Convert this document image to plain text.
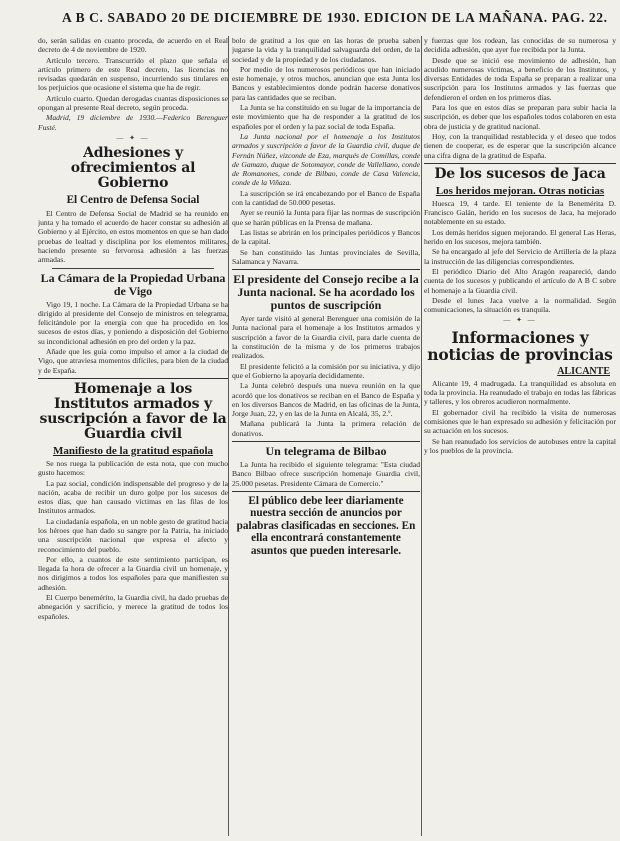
A B C. SABADO 20 DE DICIEMBRE DE 1930. EDICION DE LA MAÑANA. PAG. 22.

do, serán salidas en cuanto proceda, de acuerdo en el Real decreto de 4 de noviembre de 1920.

Artículo tercero. Transcurrido el plazo que señala el artículo primero de este Real decreto, las licencias no revisadas quedarán en suspenso, incurriendo sus titulares en los perjuicios que ocasione el sistema que ha de regir.

Artículo cuarto. Quedan derogadas cuantas disposiciones se opongan al presente Real decreto, según proceda.

Madrid, 19 diciembre de 1930.—Federico Berenguer Fusté.

— ✦ —
Adhesiones y ofrecimientos al Gobierno
El Centro de Defensa Social

El Centro de Defensa Social de Madrid se ha reunido en junta y ha tomado el acuerdo de hacer constar su adhesión al Gobierno y al Ejército, en estos momentos en que se han dado pruebas de lealtad y disciplina por los elementos militares, haciendo presente su fervorosa adhesión a las fuerzas armadas.

La Cámara de la Propiedad Urbana de Vigo

Vigo 19, 1 noche. La Cámara de la Propiedad Urbana se ha dirigido al presidente del Consejo de ministros en telegrama, felicitándole por la energía con que ha procedido en los sucesos de estos días, y poniendo a disposición del Gobierno su incondicional adhesión en pro del orden y la paz.

Añade que les guía como impulso el amor a la ciudad de Vigo, que atraviesa momentos difíciles, para bien de la ciudad y de España.

Homenaje a los Institutos armados y suscripción a favor de la Guardia civil
Manifiesto de la gratitud española

Se nos ruega la publicación de esta nota, que con mucho gusto hacemos:

La paz social, condición indispensable del progreso y de la nación, acaba de recibir un duro golpe por los sucesos de estos días, que han causado víctimas en las filas de los Institutos armados.

La ciudadanía española, en un noble gesto de gratitud hacia los héroes que han dado su sangre por la Patria, ha iniciado una suscripción nacional que expresa el afecto y reconocimiento del pueblo.

Por ello, a cuantos de este sentimiento participan, es llegada la hora de ofrecer a la Guardia civil un homenaje, y nos dirigimos a todos los españoles para que manifiesten su adhesión.

El Cuerpo benemérito, la Guardia civil, ha dado pruebas de abnegación y sacrificio, y merece la gratitud de todos los españoles.

bolo de gratitud a los que en las horas de prueba saben jugarse la vida y la tranquilidad salvaguarda del orden, de la sociedad y de la propiedad y de los ciudadanos.

Por medio de los numerosos periódicos que han iniciado este homenaje, y otros muchos, anuncian que esta Junta los Bancos y establecimientos donde podrán hacerse donativos para las cantidades que se reciban.

La Junta se ha constituido en su lugar de la importancia de este movimiento que ha de responder a la gratitud de los españoles por el orden y la paz social de toda España.

La Junta nacional por el homenaje a los Institutos armados y suscripción a favor de la Guardia civil, duque de Fernán Núñez, vizconde de Eza, marqués de Comillas, conde de Gamazo, duque de Sotomayor, conde de Vallellano, conde de Romanones, conde de Bilbao, conde de Casa Valencia, conde de la Viñaza.

La suscripción se irá encabezando por el Banco de España con la cantidad de 50.000 pesetas.

Ayer se reunió la Junta para fijar las normas de suscripción que se harán públicas en la Prensa de mañana.

Las listas se abrirán en los principales periódicos y Bancos de la capital.

Se han constituido las Juntas provinciales de Sevilla, Salamanca y Navarra.

El presidente del Consejo recibe a la Junta nacional. Se ha acordado los puntos de suscripción

Ayer tarde visitó al general Berenguer una comisión de la Junta nacional para el homenaje a los Institutos armados y suscripción a favor de la Guardia civil, para darle cuenta de la constitución de la misma y de los primeros trabajos realizados.

El presidente felicitó a la comisión por su iniciativa, y dijo que el Gobierno la apoyaría decididamente.

La Junta celebró después una nueva reunión en la que acordó que los donativos se reciban en el Banco de España y en los diversos Bancos de Madrid, en las oficinas de la Junta, Jorge Juan, 22, y en las de la Junta en Alcalá, 35, 2.º.

Mañana publicará la Junta la primera relación de donativos.

Un telegrama de Bilbao

La Junta ha recibido el siguiente telegrama: "Esta ciudad Banco Bilbao ofrece suscripción homenaje Guardia civil, 25.000 pesetas. Presidente Cámara de Comercio."

El público debe leer diariamente nuestra sección de anuncios por palabras clasificadas en secciones. En ella encontrará constantemente asuntos que pueden interesarle.

y fuerzas que los rodean, las conocidas de su numerosa y decidida adhesión, que ayer fue recibida por la Junta.

Desde que se inició ese movimiento de adhesión, han acudido numerosas víctimas, a beneficio de los Institutos, y diversas Entidades de toda España se preparan a realizar una suscripción para los Institutos armados y las fuerzas que defendieron el orden en los primeros días.

Para los que en estos días se preparan para subir hacia la suscripción, es deber que los españoles todos colaboren en esta obra de justicia y de gratitud nacional.

Hoy, con la tranquilidad restablecida y el deseo que todos tienen de cooperar, es de esperar que la suscripción alcance una cifra digna de la gratitud de España.

De los sucesos de Jaca
Los heridos mejoran. Otras noticias

Huesca 19, 4 tarde. El teniente de la Benemérita D. Francisco Galán, herido en los sucesos de Jaca, ha mejorado notablemente en su estado.

Los demás heridos siguen mejorando. El general Las Heras, herido en los sucesos, mejora también.

Se ha encargado al jefe del Servicio de Artillería de la plaza la instrucción de las diligencias correspondientes.

El periódico Diario del Alto Aragón reapareció, dando cuenta de los sucesos y publicando el artículo de A B C sobre el homenaje a la Guardia civil.

Desde el lunes Jaca vuelve a la normalidad. Según comunicaciones, la situación es tranquila.

— ✦ —
Informaciones y noticias de provincias
ALICANTE

Alicante 19, 4 madrugada. La tranquilidad es absoluta en toda la provincia. Ha reanudado el trabajo en todas las fábricas y talleres, y los obreros acudieron normalmente.

El gobernador civil ha recibido la visita de numerosas comisiones que le han expresado su adhesión y felicitación por su actuación en los sucesos.

Se han reanudado los servicios de autobuses entre la capital y los pueblos de la provincia.
